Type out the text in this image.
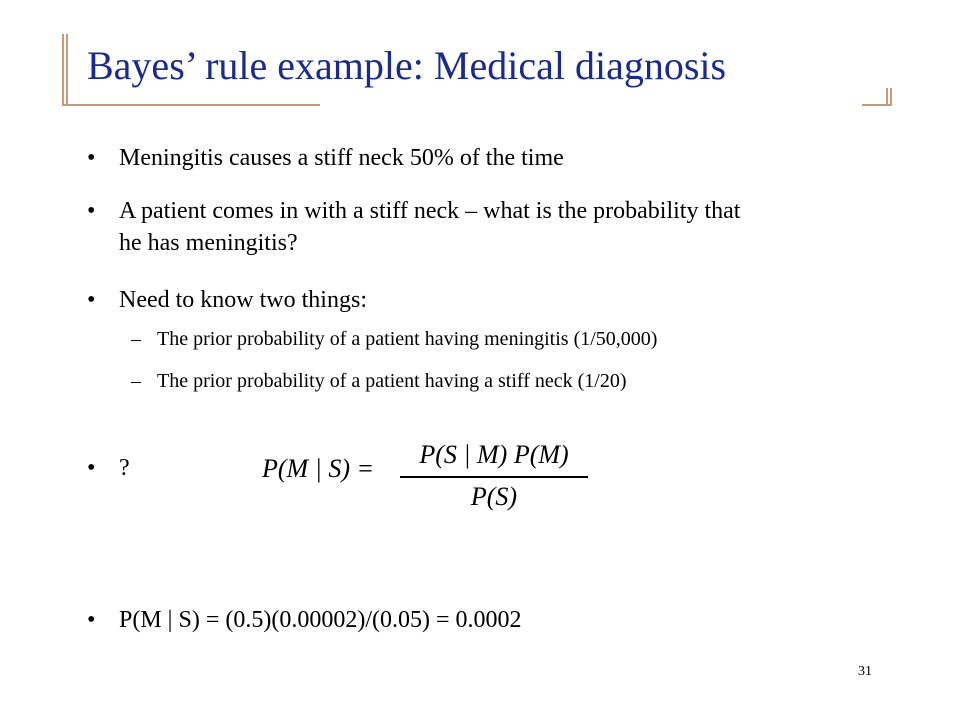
Bayes’ rule example: Medical diagnosis
• Meningitis causes a stiff neck 50% of the time
• A patient comes in with a stiff neck – what is the probability that he has meningitis?
• Need to know two things:
– The prior probability of a patient having meningitis (1/50,000)
– The prior probability of a patient having a stiff neck (1/20)
• ?	P(M | S) =	P(S | M) P(M)
P(S)
• P(M | S) = (0.5)(0.00002)/(0.05) = 0.0002
31
